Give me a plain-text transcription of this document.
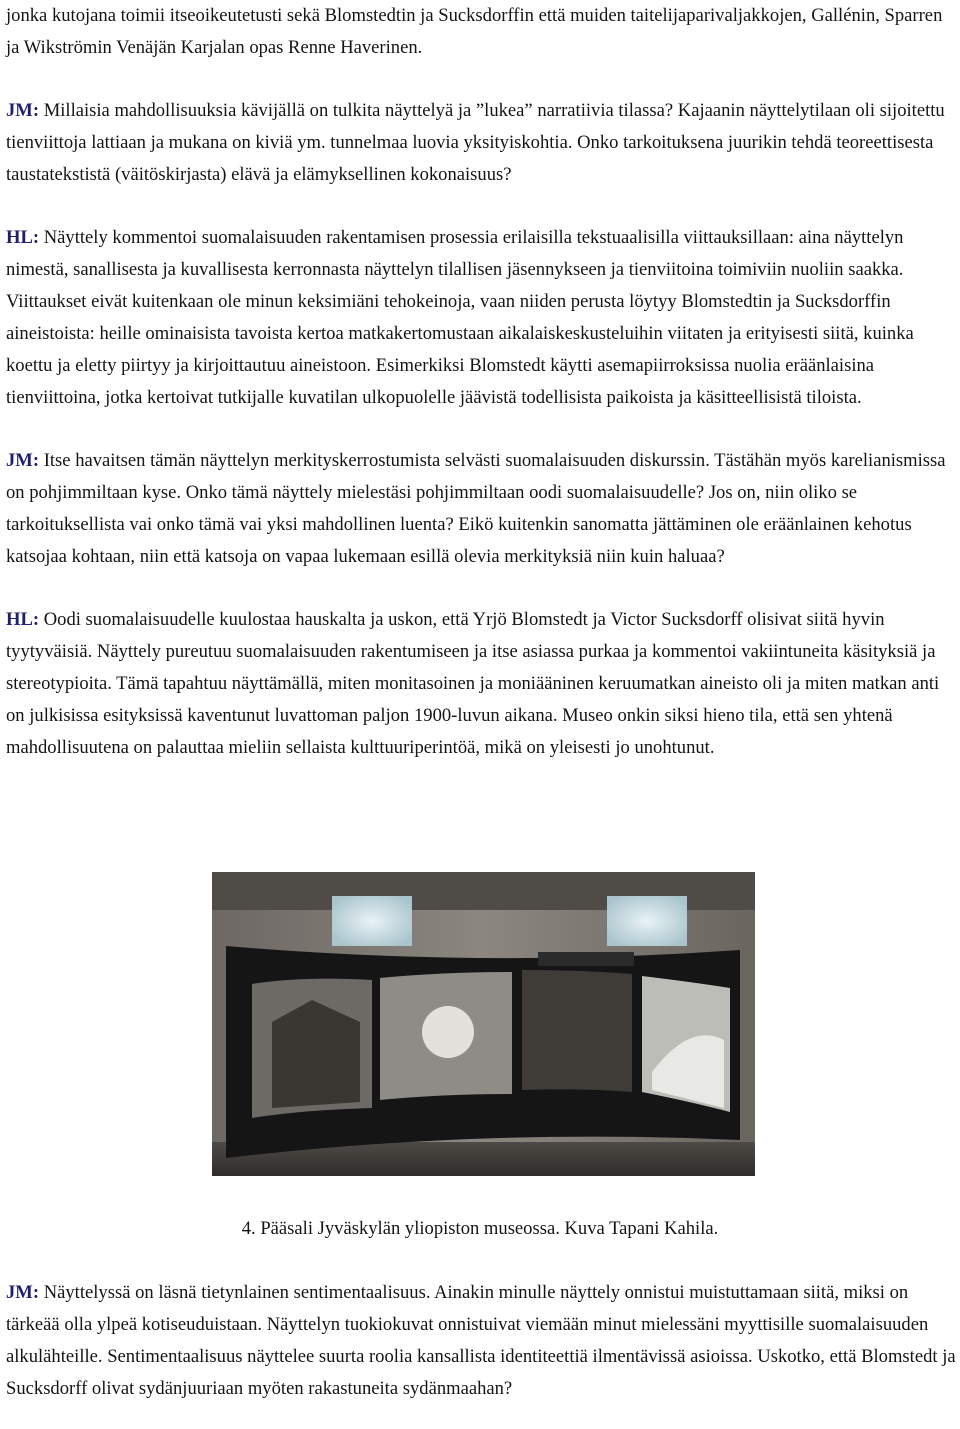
jonka kutojana toimii itseoikeutetusti sekä Blomstedtin ja Sucksdorffin että muiden taitelijaparivaljakkojen, Gallénin, Sparren ja Wikströmin Venäjän Karjalan opas Renne Haverinen.

JM: Millaisia mahdollisuuksia kävijällä on tulkita näyttelyä ja ”lukea” narratiivia tilassa? Kajaanin näyttelytilaan oli sijoitettu tienviittoja lattiaan ja mukana on kiviä ym. tunnelmaa luovia yksityiskohtia. Onko tarkoituksena juurikin tehdä teoreettisesta taustatekstistä (väitöskirjasta) elävä ja elämyksellinen kokonaisuus?

HL: Näyttely kommentoi suomalaisuuden rakentamisen prosessia erilaisilla tekstuaalisilla viittauksillaan: aina näyttelyn nimestä, sanallisesta ja kuvallisesta kerronnasta näyttelyn tilallisen jäsennykseen ja tienviitoina toimiviin nuoliin saakka. Viittaukset eivät kuitenkaan ole minun keksimiäni tehokeinoja, vaan niiden perusta löytyy Blomstedtin ja Sucksdorffin aineistoista: heille ominaisista tavoista kertoa matkakertomustaan aikalaiskeskusteluihin viitaten ja erityisesti siitä, kuinka koettu ja eletty piirtyy ja kirjoittautuu aineistoon. Esimerkiksi Blomstedt käytti asemapiirroksissa nuolia eräänlaisina tienviittoina, jotka kertoivat tutkijalle kuvatilan ulkopuolelle jäävistä todellisista paikoista ja käsitteellisistä tiloista.

JM: Itse havaitsen tämän näyttelyn merkityskerrostumista selvästi suomalaisuuden diskurssin. Tästähän myös karelianismissa on pohjimmiltaan kyse. Onko tämä näyttely mielestäsi pohjimmiltaan oodi suomalaisuudelle? Jos on, niin oliko se tarkoituksellista vai onko tämä vai yksi mahdollinen luenta? Eikö kuitenkin sanomatta jättäminen ole eräänlainen kehotus katsojaa kohtaan, niin että katsoja on vapaa lukemaan esillä olevia merkityksiä niin kuin haluaa?

HL: Oodi suomalaisuudelle kuulostaa hauskalta ja uskon, että Yrjö Blomstedt ja Victor Sucksdorff olisivat siitä hyvin tyytyväisiä. Näyttely pureutuu suomalaisuuden rakentumiseen ja itse asiassa purkaa ja kommentoi vakiintuneita käsityksiä ja stereotypioita. Tämä tapahtuu näyttämällä, miten monitasoinen ja moniääninen keruumatkan aineisto oli ja miten matkan anti on julkisissa esityksissä kaventunut luvattoman paljon 1900-luvun aikana. Museo onkin siksi hieno tila, että sen yhtenä mahdollisuutena on palauttaa mieliin sellaista kulttuuriperintöä, mikä on yleisesti jo unohtunut.

4. Pääsali Jyväskylän yliopiston museossa. Kuva Tapani Kahila.

JM: Näyttelyssä on läsnä tietynlainen sentimentaalisuus. Ainakin minulle näyttely onnistui muistuttamaan siitä, miksi on tärkeää olla ylpeä kotiseuduistaan. Näyttelyn tuokiokuvat onnistuivat viemään minut mielessäni myyttisille suomalaisuuden alkulähteille. Sentimentaalisuus näyttelee suurta roolia kansallista identiteettiä ilmentävissä asioissa. Uskotko, että Blomstedt ja Sucksdorff olivat sydänjuuriaan myöten rakastuneita sydänmaahan?
